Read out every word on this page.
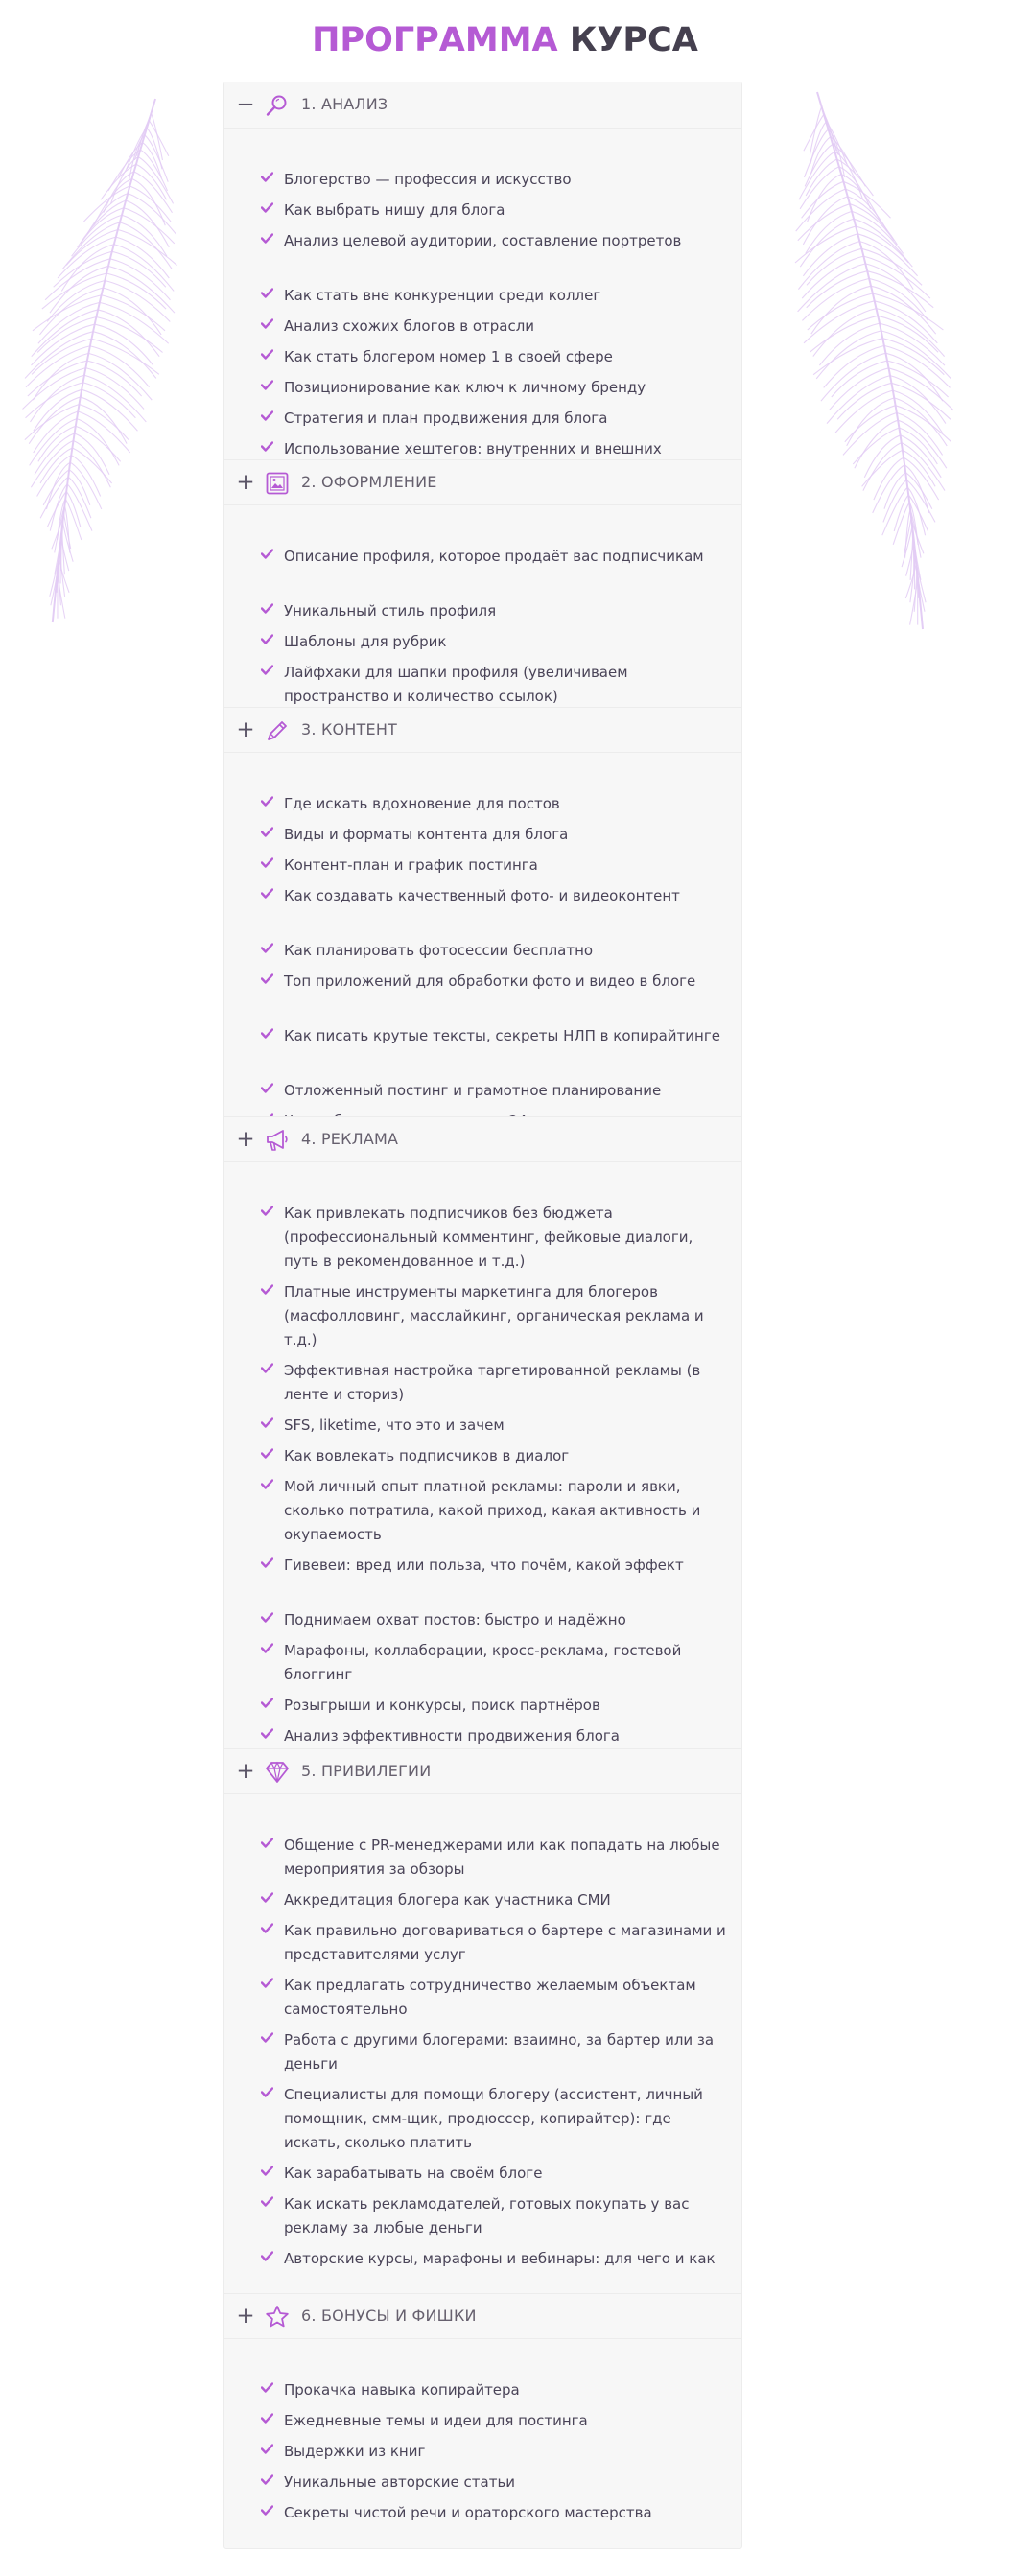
ПРОГРАММА КУРСА
−	1. АНАЛИЗ
Блогерство — профессия и искусство
Как выбрать нишу для блога
Анализ целевой аудитории, составление портретов
Как стать вне конкуренции среди коллег
Анализ схожих блогов в отрасли
Как стать блогером номер 1 в своей сфере
Позиционирование как ключ к личному бренду
Стратегия и план продвижения для блога
Использование хештегов: внутренних и внешних
+	2. ОФОРМЛЕНИЕ
Описание профиля, которое продаёт вас подписчикам
Уникальный стиль профиля
Шаблоны для рубрик
Лайфхаки для шапки профиля (увеличиваем пространство и количество ссылок)
+	3. КОНТЕНТ
Где искать вдохновение для постов
Виды и форматы контента для блога
Контент-план и график постинга
Как создавать качественный фото- и видеоконтент
Как планировать фотосессии бесплатно
Топ приложений для обработки фото и видео в блоге
Как писать крутые тексты, секреты НЛП в копирайтинге
Отложенный постинг и грамотное планирование
+	4. РЕКЛАМА
Как привлекать подписчиков без бюджета (профессиональный комментинг, фейковые диалоги, путь в рекомендованное и т.д.)
Платные инструменты маркетинга для блогеров (масфолловинг, масслайкинг, органическая реклама и т.д.)
Эффективная настройка таргетированной рекламы (в ленте и сториз)
SFS, liketime, что это и зачем
Как вовлекать подписчиков в диалог
Мой личный опыт платной рекламы: пароли и явки, сколько потратила, какой приход, какая активность и окупаемость
Гивевеи: вред или польза, что почём, какой эффект
Поднимаем охват постов: быстро и надёжно
Марафоны, коллаборации, кросс-реклама, гостевой блоггинг
Розыгрыши и конкурсы, поиск партнёров
Анализ эффективности продвижения блога
+	5. ПРИВИЛЕГИИ
Общение с PR-менеджерами или как попадать на любые мероприятия за обзоры
Аккредитация блогера как участника СМИ
Как правильно договариваться о бартере с магазинами и представителями услуг
Как предлагать сотрудничество желаемым объектам самостоятельно
Работа с другими блогерами: взаимно, за бартер или за деньги
Специалисты для помощи блогеру (ассистент, личный помощник, смм-щик, продюссер, копирайтер): где искать, сколько платить
Как зарабатывать на своём блоге
Как искать рекламодателей, готовых покупать у вас рекламу за любые деньги
Авторские курсы, марафоны и вебинары: для чего и как
+	6. БОНУСЫ И ФИШКИ
Прокачка навыка копирайтера
Ежедневные темы и идеи для постинга
Выдержки из книг
Уникальные авторские статьи
Секреты чистой речи и ораторского мастерства
